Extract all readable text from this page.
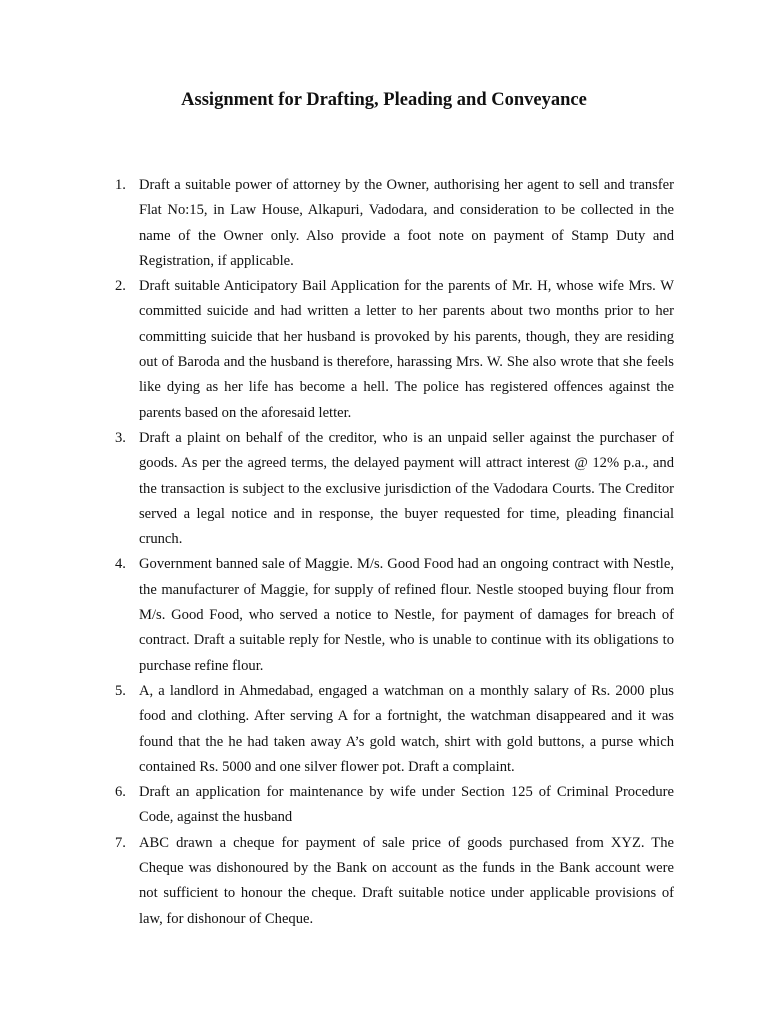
Assignment for Drafting, Pleading and Conveyance
1. Draft a suitable power of attorney by the Owner, authorising her agent to sell and transfer Flat No:15, in Law House, Alkapuri, Vadodara, and consideration to be collected in the name of the Owner only. Also provide a foot note on payment of Stamp Duty and Registration, if applicable.
2. Draft suitable Anticipatory Bail Application for the parents of Mr. H, whose wife Mrs. W committed suicide and had written a letter to her parents about two months prior to her committing suicide that her husband is provoked by his parents, though, they are residing out of Baroda and the husband is therefore, harassing Mrs. W. She also wrote that she feels like dying as her life has become a hell. The police has registered offences against the parents based on the aforesaid letter.
3. Draft a plaint on behalf of the creditor, who is an unpaid seller against the purchaser of goods. As per the agreed terms, the delayed payment will attract interest @ 12% p.a., and the transaction is subject to the exclusive jurisdiction of the Vadodara Courts. The Creditor served a legal notice and in response, the buyer requested for time, pleading financial crunch.
4. Government banned sale of Maggie. M/s. Good Food had an ongoing contract with Nestle, the manufacturer of Maggie, for supply of refined flour. Nestle stooped buying flour from M/s. Good Food, who served a notice to Nestle, for payment of damages for breach of contract. Draft a suitable reply for Nestle, who is unable to continue with its obligations to purchase refine flour.
5. A, a landlord in Ahmedabad, engaged a watchman on a monthly salary of Rs. 2000 plus food and clothing. After serving A for a fortnight, the watchman disappeared and it was found that the he had taken away A’s gold watch, shirt with gold buttons, a purse which contained Rs. 5000 and one silver flower pot. Draft a complaint.
6. Draft an application for maintenance by wife under Section 125 of Criminal Procedure Code, against the husband
7. ABC drawn a cheque for payment of sale price of goods purchased from XYZ. The Cheque was dishonoured by the Bank on account as the funds in the Bank account were not sufficient to honour the cheque. Draft suitable notice under applicable provisions of law, for dishonour of Cheque.
